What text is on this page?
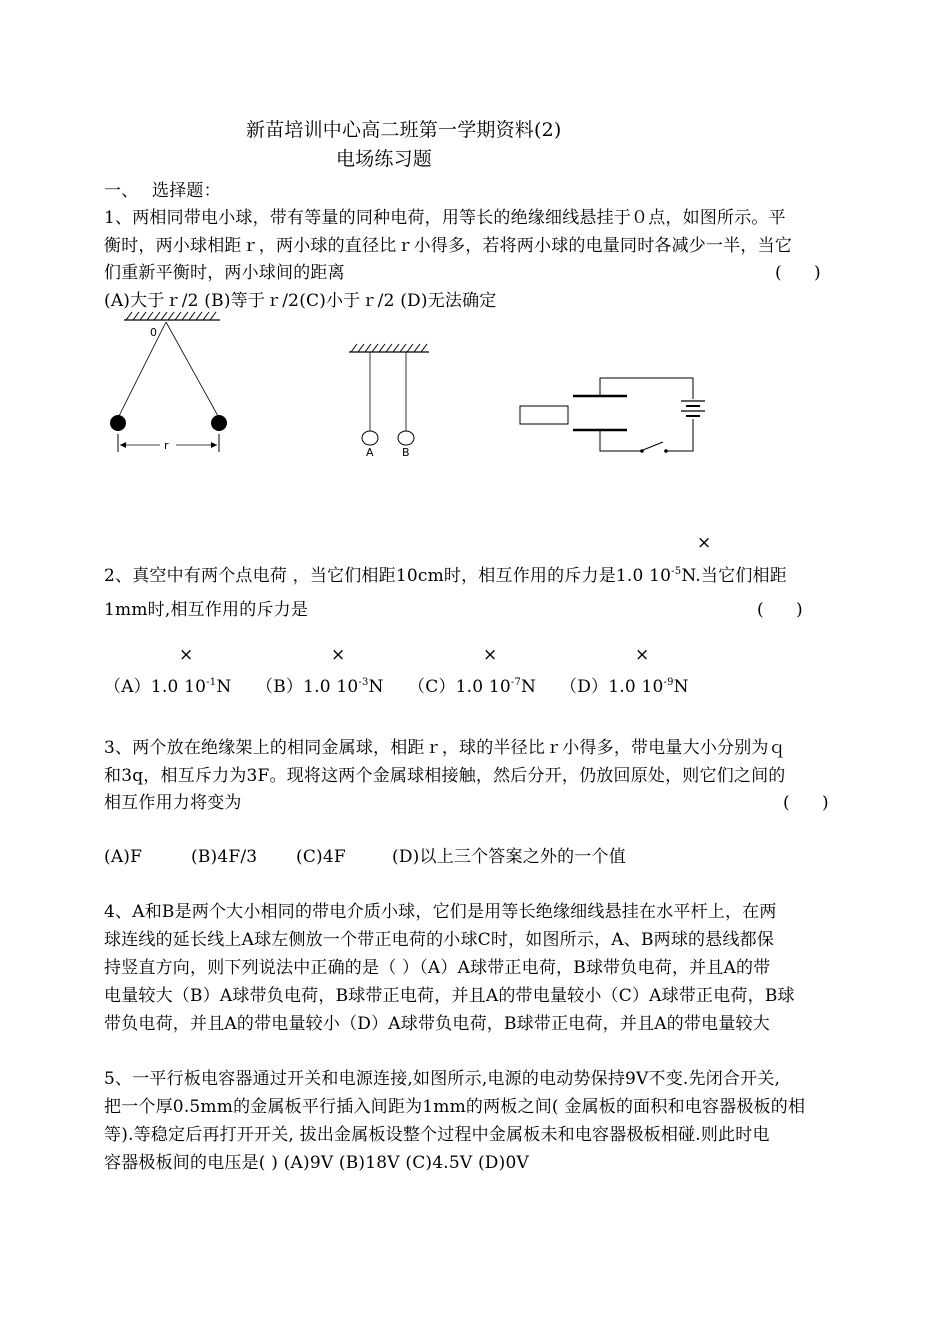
新苗培训中心高二班第一学期资料(2)
电场练习题
一、 选择题：
1、两相同带电小球，带有等量的同种电荷，用等长的绝缘细线悬挂于０点，如图所示。平
衡时，两小球相距ｒ，两小球的直径比ｒ小得多，若将两小球的电量同时各减少一半，当它
们重新平衡时，两小球间的距离	(      )
(A)大于ｒ/2 (B)等于ｒ/2(C)小于ｒ/2 (D)无法确定
0
r
A	B
×
2、真空中有两个点电荷 ，当它们相距10cm时，相互作用的斥力是1.0 $10^{-5}N$.当它们相距
1mm时,相互作用的斥力是	(      )
×	×	×	×
（A）1.0 $10^{-1}N$ （B）1.0 $10^{-3}N$ （C）1.0 $10^{-7}N$ （D）1.0 $10^{-9}N$
3、两个放在绝缘架上的相同金属球，相距ｒ，球的半径比ｒ小得多，带电量大小分别为ｑ
和3q，相互斥力为3F。现将这两个金属球相接触，然后分开，仍放回原处，则它们之间的
相互作用力将变为	(      )
(A)F	(B)4F/3 (C)4F	(D)以上三个答案之外的一个值
4、A和B是两个大小相同的带电介质小球，它们是用等长绝缘细线悬挂在水平杆上，在两
球连线的延长线上A球左侧放一个带正电荷的小球C时，如图所示，A、B两球的悬线都保
持竖直方向，则下列说法中正确的是（ ）（A）A球带正电荷，B球带负电荷，并且A的带
电量较大（B）A球带负电荷，B球带正电荷，并且A的带电量较小（C）A球带正电荷，B球
带负电荷，并且A的带电量较小（D）A球带负电荷，B球带正电荷，并且A的带电量较大
5、一平行板电容器通过开关和电源连接,如图所示,电源的电动势保持9V不变.先闭合开关,
把一个厚0.5mm的金属板平行插入间距为1mm的两板之间( 金属板的面积和电容器极板的相
等).等稳定后再打开开关, 拔出金属板设整个过程中金属板未和电容器极板相碰.则此时电
容器极板间的电压是( ) (A)9V (B)18V (C)4.5V (D)0V
